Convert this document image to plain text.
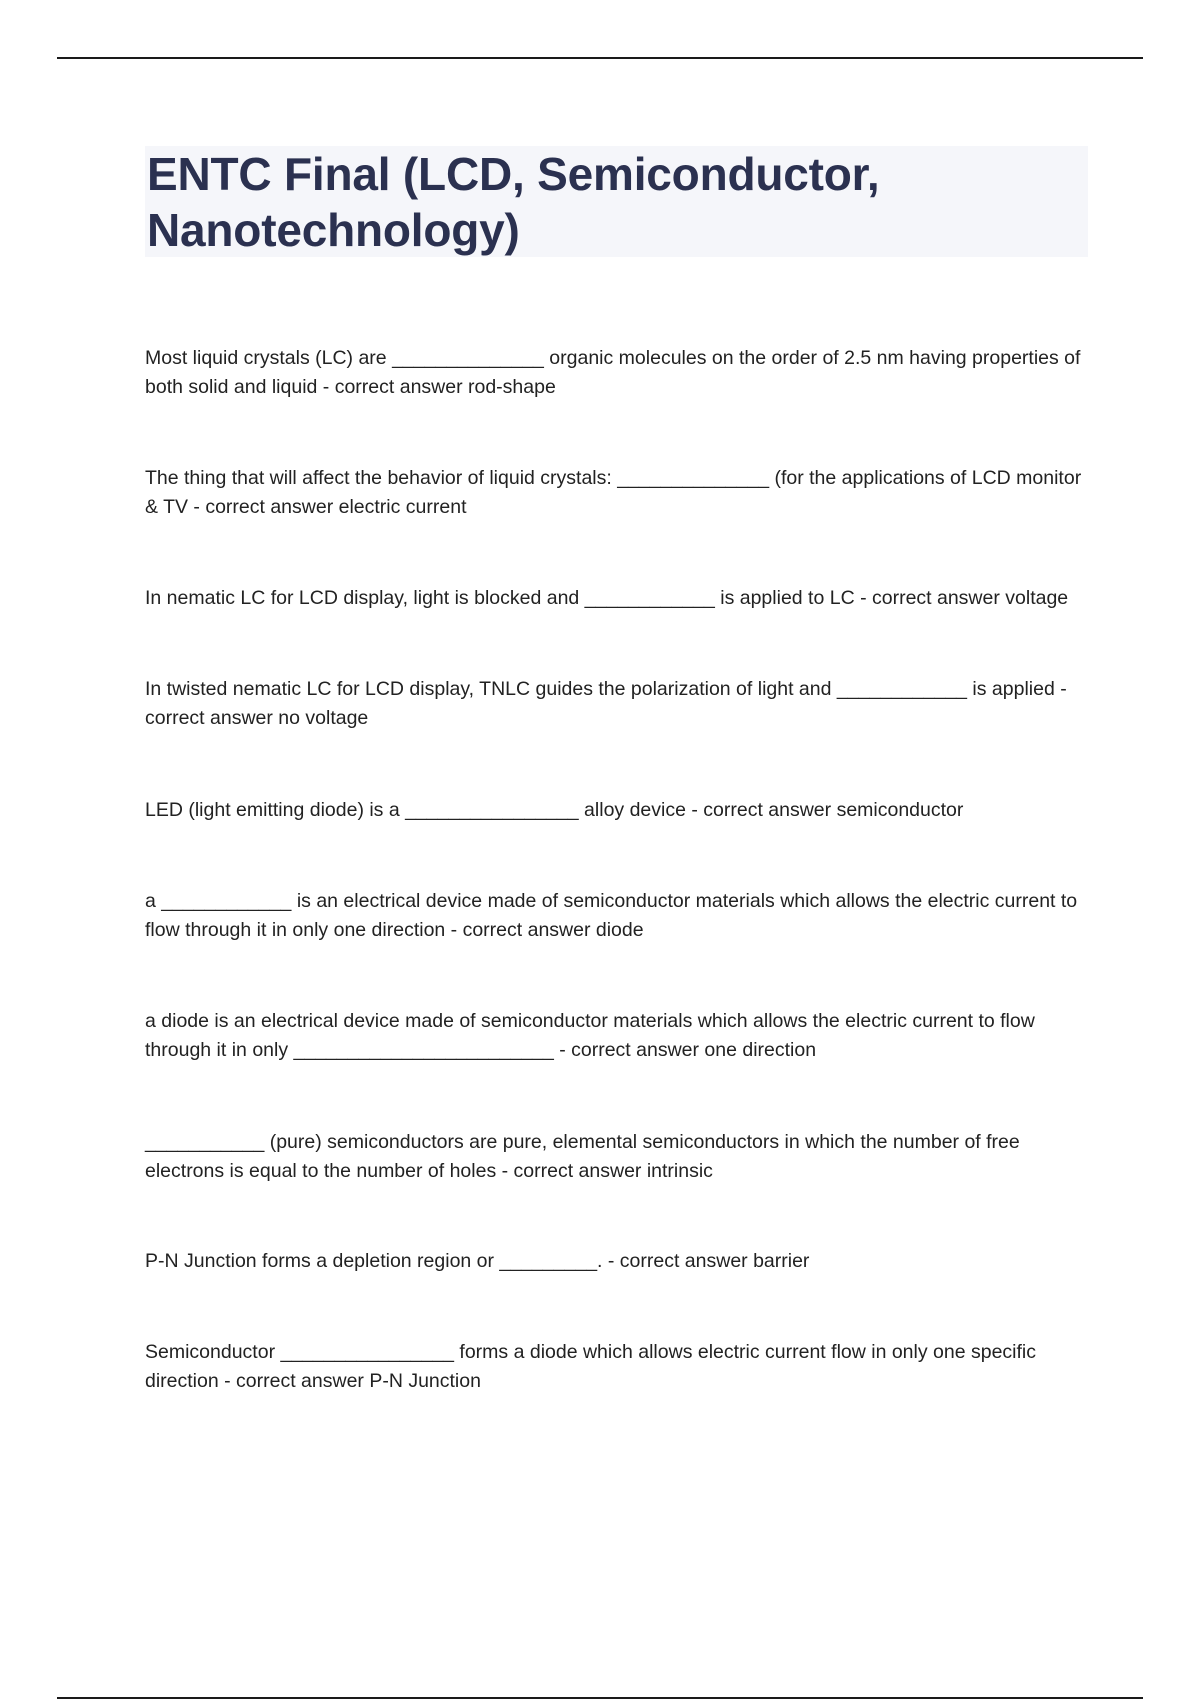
ENTC Final (LCD, Semiconductor, Nanotechnology)
Most liquid crystals (LC) are ______________ organic molecules on the order of 2.5 nm having properties of both solid and liquid - correct answer rod-shape
The thing that will affect the behavior of liquid crystals: ______________ (for the applications of LCD monitor & TV - correct answer electric current
In nematic LC for LCD display, light is blocked and ____________ is applied to LC - correct answer voltage
In twisted nematic LC for LCD display, TNLC guides the polarization of light and ____________ is applied - correct answer no voltage
LED (light emitting diode) is a ________________ alloy device - correct answer semiconductor
a ____________ is an electrical device made of semiconductor materials which allows the electric current to flow through it in only one direction - correct answer diode
a diode is an electrical device made of semiconductor materials which allows the electric current to flow through it in only ________________________ - correct answer one direction
___________ (pure) semiconductors are pure, elemental semiconductors in which the number of free electrons is equal to the number of holes - correct answer intrinsic
P-N Junction forms a depletion region or _________. - correct answer barrier
Semiconductor ________________ forms a diode which allows electric current flow in only one specific direction - correct answer P-N Junction
